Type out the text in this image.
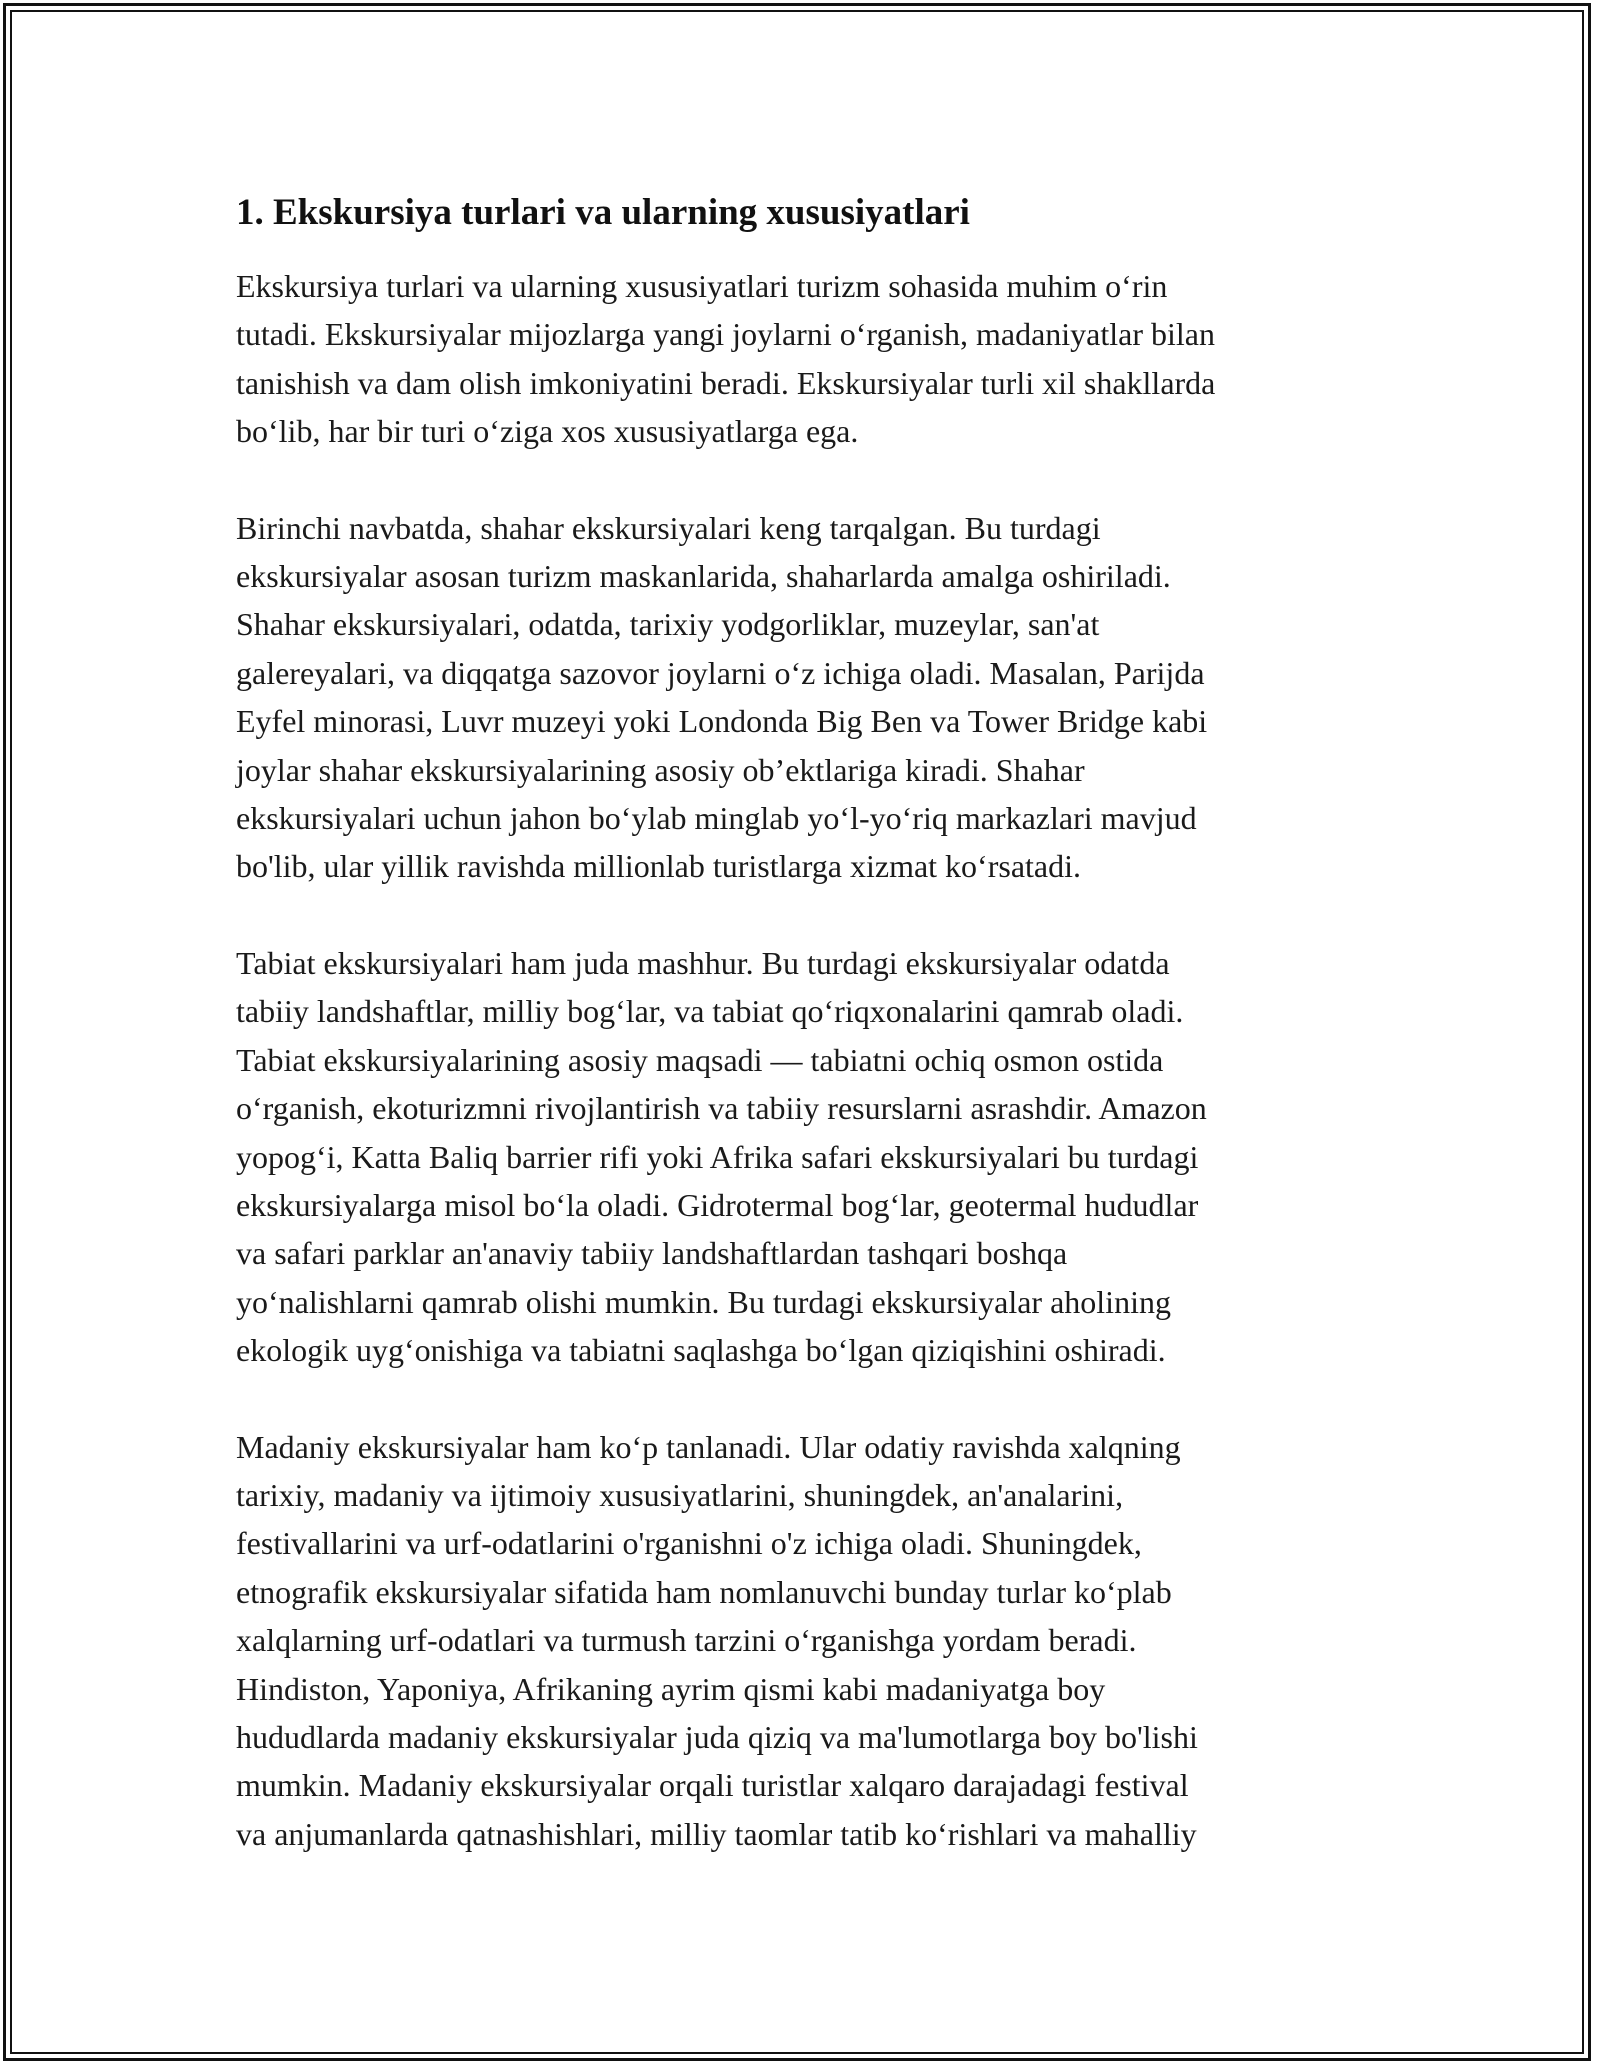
1. Ekskursiya turlari va ularning xususiyatlari

Ekskursiya turlari va ularning xususiyatlari turizm sohasida muhim o‘rin
tutadi. Ekskursiyalar mijozlarga yangi joylarni o‘rganish, madaniyatlar bilan
tanishish va dam olish imkoniyatini beradi. Ekskursiyalar turli xil shakllarda
bo‘lib, har bir turi o‘ziga xos xususiyatlarga ega.

Birinchi navbatda, shahar ekskursiyalari keng tarqalgan. Bu turdagi
ekskursiyalar asosan turizm maskanlarida, shaharlarda amalga oshiriladi.
Shahar ekskursiyalari, odatda, tarixiy yodgorliklar, muzeylar, san'at
galereyalari, va diqqatga sazovor joylarni o‘z ichiga oladi. Masalan, Parijda
Eyfel minorasi, Luvr muzeyi yoki Londonda Big Ben va Tower Bridge kabi
joylar shahar ekskursiyalarining asosiy ob’ektlariga kiradi. Shahar
ekskursiyalari uchun jahon bo‘ylab minglab yo‘l-yo‘riq markazlari mavjud
bo'lib, ular yillik ravishda millionlab turistlarga xizmat ko‘rsatadi.

Tabiat ekskursiyalari ham juda mashhur. Bu turdagi ekskursiyalar odatda
tabiiy landshaftlar, milliy bog‘lar, va tabiat qo‘riqxonalarini qamrab oladi.
Tabiat ekskursiyalarining asosiy maqsadi — tabiatni ochiq osmon ostida
o‘rganish, ekoturizmni rivojlantirish va tabiiy resurslarni asrashdir. Amazon
yopog‘i, Katta Baliq barrier rifi yoki Afrika safari ekskursiyalari bu turdagi
ekskursiyalarga misol bo‘la oladi. Gidrotermal bog‘lar, geotermal hududlar
va safari parklar an'anaviy tabiiy landshaftlardan tashqari boshqa
yo‘nalishlarni qamrab olishi mumkin. Bu turdagi ekskursiyalar aholining
ekologik uyg‘onishiga va tabiatni saqlashga bo‘lgan qiziqishini oshiradi.

Madaniy ekskursiyalar ham ko‘p tanlanadi. Ular odatiy ravishda xalqning
tarixiy, madaniy va ijtimoiy xususiyatlarini, shuningdek, an'analarini,
festivallarini va urf-odatlarini o'rganishni o'z ichiga oladi. Shuningdek,
etnografik ekskursiyalar sifatida ham nomlanuvchi bunday turlar ko‘plab
xalqlarning urf-odatlari va turmush tarzini o‘rganishga yordam beradi.
Hindiston, Yaponiya, Afrikaning ayrim qismi kabi madaniyatga boy
hududlarda madaniy ekskursiyalar juda qiziq va ma'lumotlarga boy bo'lishi
mumkin. Madaniy ekskursiyalar orqali turistlar xalqaro darajadagi festival
va anjumanlarda qatnashishlari, milliy taomlar tatib ko‘rishlari va mahalliy
